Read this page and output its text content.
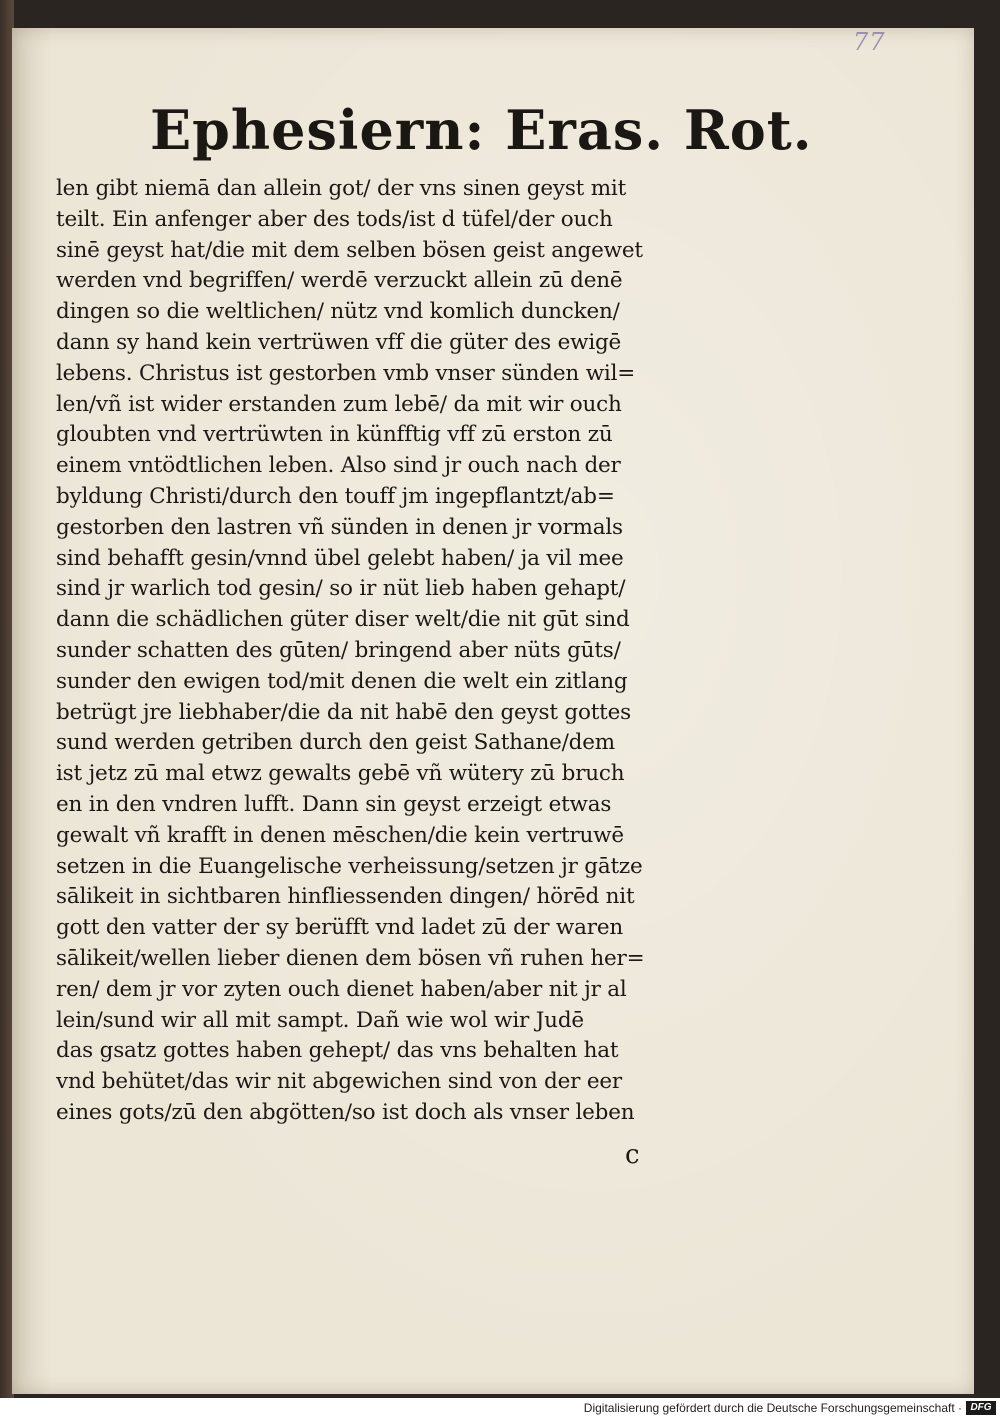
77
Ephesiern: Eras. Rot.
len gibt niemā dan allein got/ der vns sinen geyst mit
teilt. Ein anfenger aber des tods/ist d tüfel/der ouch
sinē geyst hat/die mit dem selben bösen geist angewet
werden vnd begriffen/ werdē verzuckt allein zū denē
dingen so die weltlichen/ nütz vnd komlich duncken/
dann sy hand kein vertrüwen vff die güter des ewigē
lebens. Christus ist gestorben vmb vnser sünden wil=
len/vñ ist wider erstanden zum lebē/ da mit wir ouch
gloubten vnd vertrüwten in künfftig vff zū erston zū
einem vntödtlichen leben. Also sind jr ouch nach der
byldung Christi/durch den touff jm ingepflantzt/ab=
gestorben den lastren vñ sünden in denen jr vormals
sind behafft gesin/vnnd übel gelebt haben/ ja vil mee
sind jr warlich tod gesin/ so ir nüt lieb haben gehapt/
dann die schädlichen güter diser welt/die nit gūt sind
sunder schatten des gūten/ bringend aber nüts gūts/
sunder den ewigen tod/mit denen die welt ein zitlang
betrügt jre liebhaber/die da nit habē den geyst gottes
sund werden getriben durch den geist Sathane/dem
ist jetz zū mal etwz gewalts gebē vñ wütery zū bruch
en in den vndren lufft. Dann sin geyst erzeigt etwas
gewalt vñ krafft in denen mēschen/die kein vertruwē
setzen in die Euangelische verheissung/setzen jr gātze
sālikeit in sichtbaren hinfliessenden dingen/ hörēd nit
gott den vatter der sy berüfft vnd ladet zū der waren
sālikeit/wellen lieber dienen dem bösen vñ ruhen her=
ren/ dem jr vor zyten ouch dienet haben/aber nit jr al
lein/sund wir all mit sampt. Dañ wie wol wir Judē
das gsatz gottes haben gehept/ das vns behalten hat
vnd behütet/das wir nit abgewichen sind von der eer
eines gots/zū den abgötten/so ist doch als vnser leben
c
Digitalisierung gefördert durch die Deutsche Forschungsgemeinschaft · DFG
